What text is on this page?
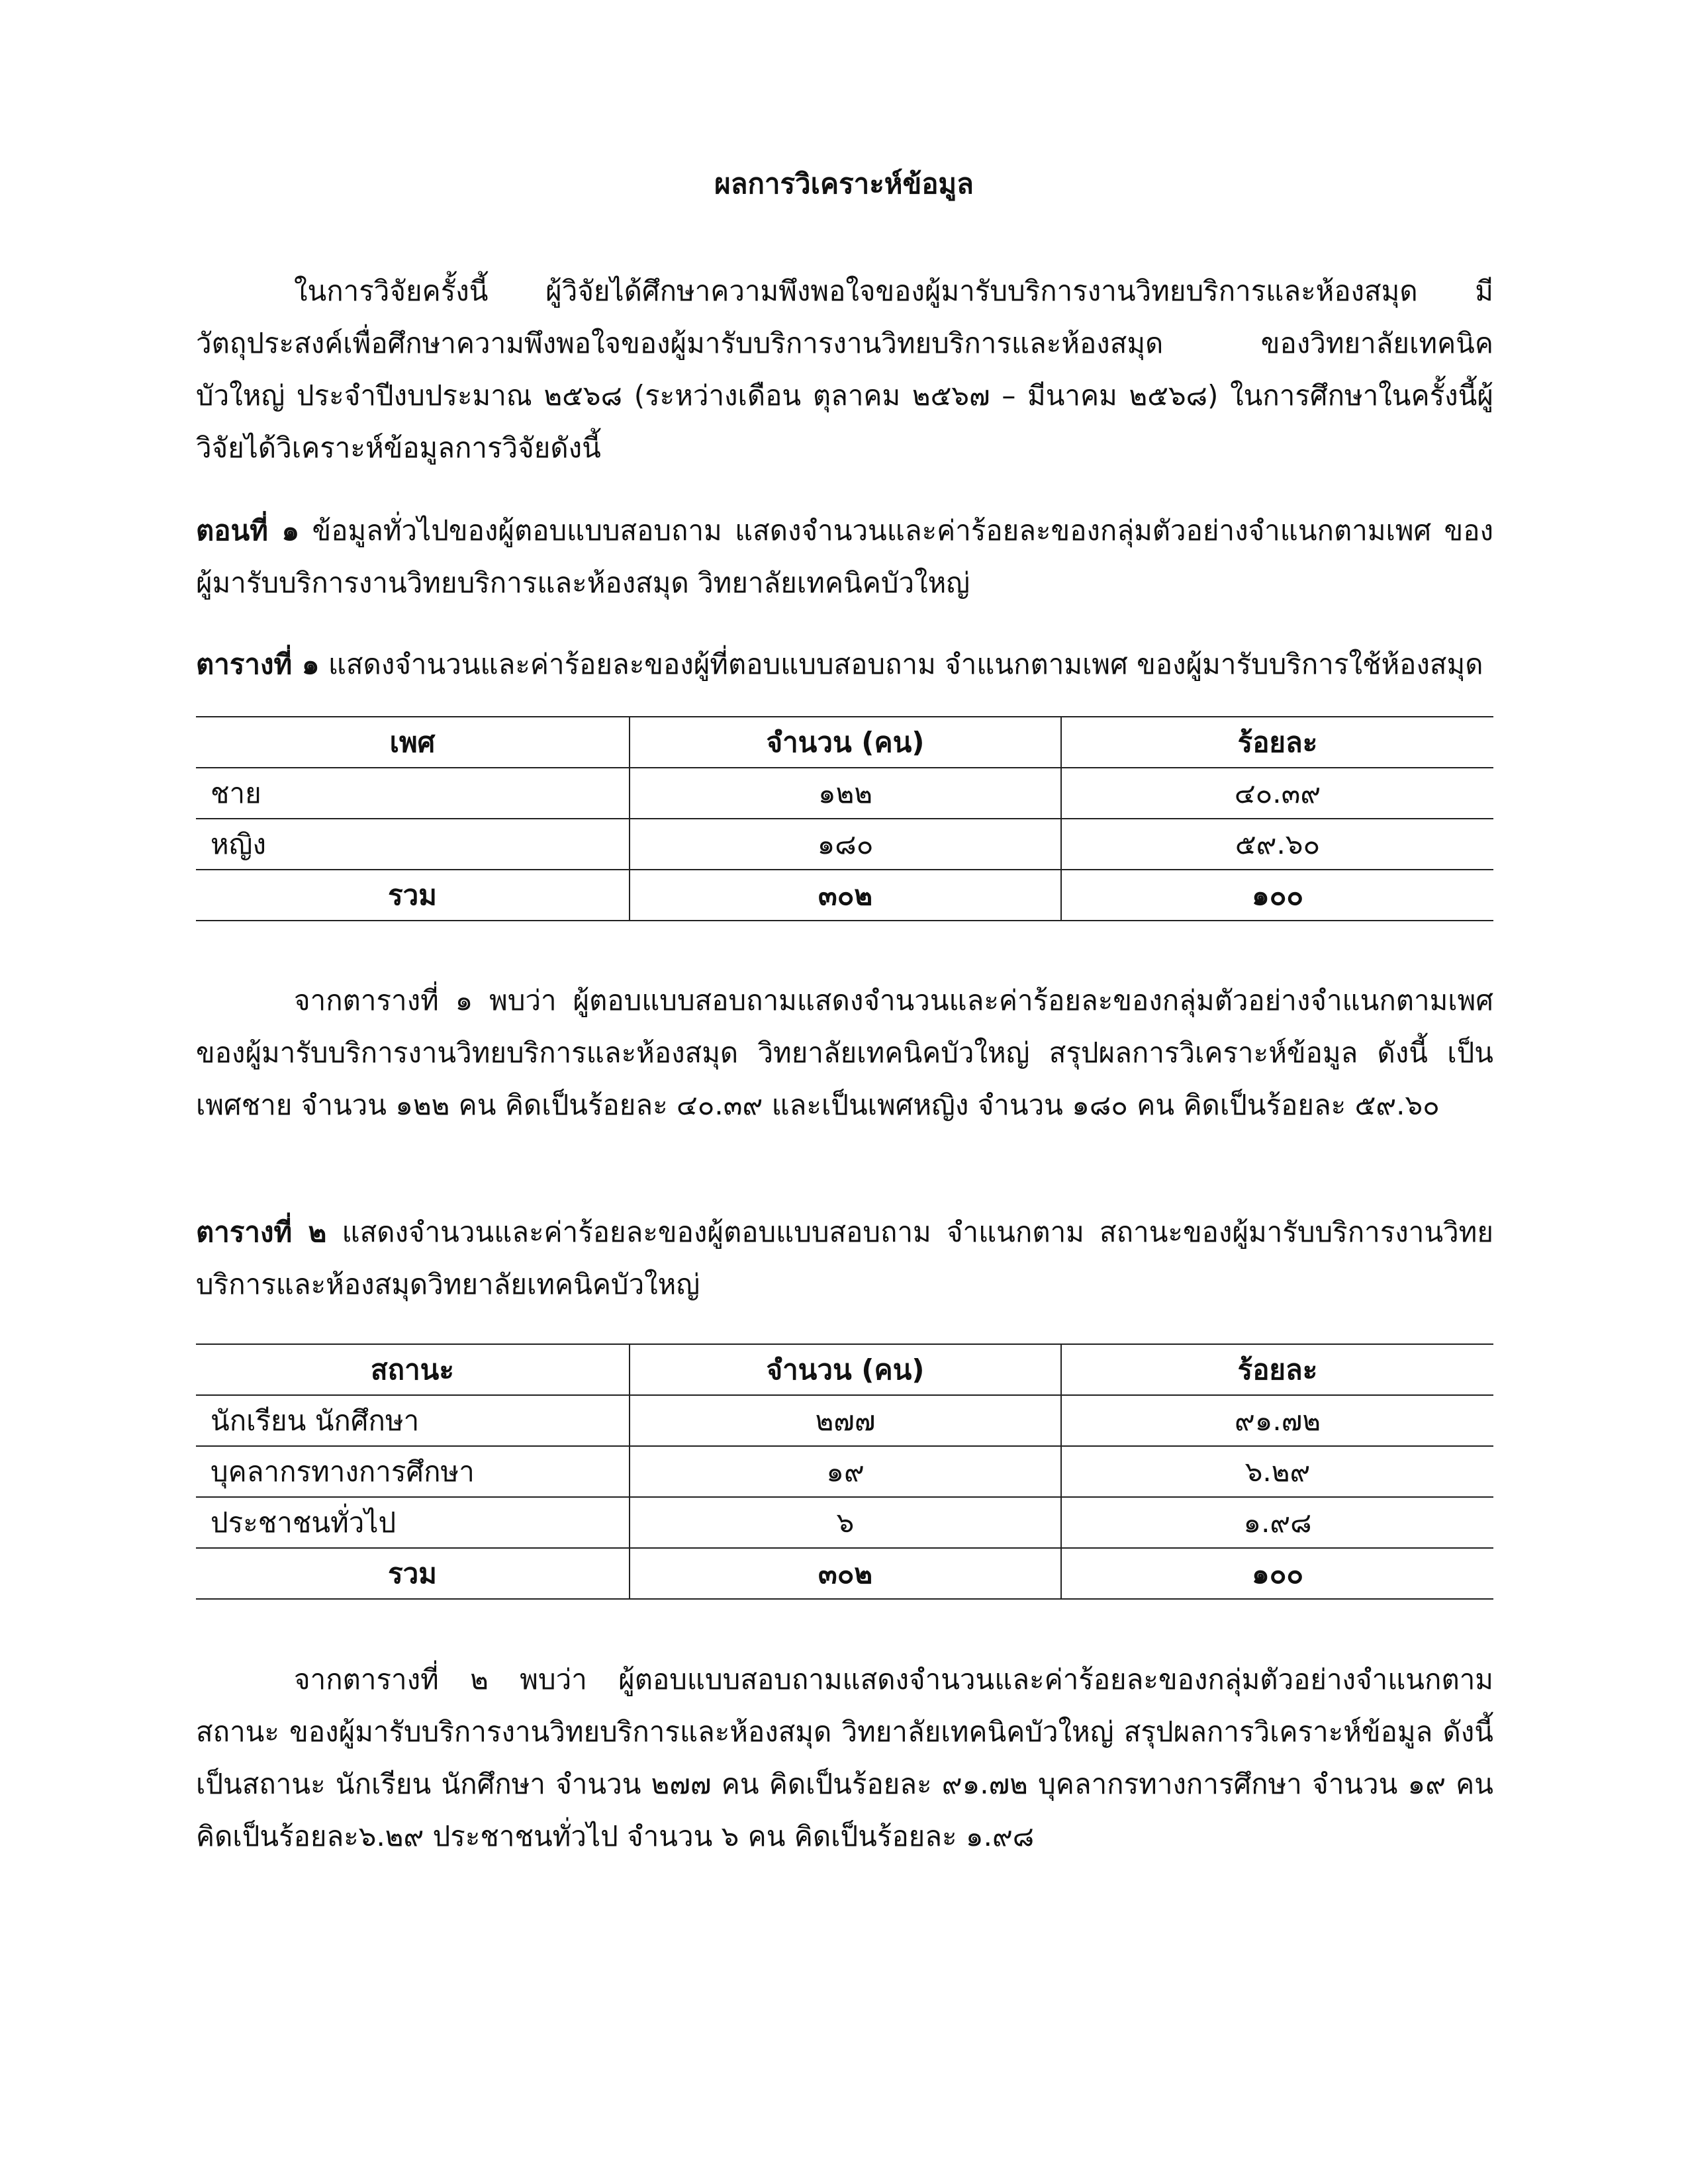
ผลการวิเคราะห์ข้อมูล

ในการวิจัยครั้งนี้ ผู้วิจัยได้ศึกษาความพึงพอใจของผู้มารับบริการงานวิทยบริการและห้องสมุด มีวัตถุประสงค์เพื่อศึกษาความพึงพอใจของผู้มารับบริการงานวิทยบริการและห้องสมุด ของวิทยาลัยเทคนิคบัวใหญ่ ประจำปีงบประมาณ ๒๕๖๘ (ระหว่างเดือน ตุลาคม ๒๕๖๗ – มีนาคม ๒๕๖๘) ในการศึกษาในครั้งนี้ผู้วิจัยได้วิเคราะห์ข้อมูลการวิจัยดังนี้

ตอนที่ ๑ ข้อมูลทั่วไปของผู้ตอบแบบสอบถาม แสดงจำนวนและค่าร้อยละของกลุ่มตัวอย่างจำแนกตามเพศ ของผู้มารับบริการงานวิทยบริการและห้องสมุด วิทยาลัยเทคนิคบัวใหญ่

ตารางที่ ๑ แสดงจำนวนและค่าร้อยละของผู้ที่ตอบแบบสอบถาม จำแนกตามเพศ ของผู้มารับบริการใช้ห้องสมุด

เพศ	จำนวน (คน)	ร้อยละ
ชาย	๑๒๒	๔๐.๓๙
หญิง	๑๘๐	๕๙.๖๐
รวม	๓๐๒	๑๐๐

จากตารางที่ ๑ พบว่า ผู้ตอบแบบสอบถามแสดงจำนวนและค่าร้อยละของกลุ่มตัวอย่างจำแนกตามเพศ ของผู้มารับบริการงานวิทยบริการและห้องสมุด วิทยาลัยเทคนิคบัวใหญ่ สรุปผลการวิเคราะห์ข้อมูล ดังนี้ เป็นเพศชาย จำนวน ๑๒๒ คน คิดเป็นร้อยละ ๔๐.๓๙ และเป็นเพศหญิง จำนวน ๑๘๐ คน คิดเป็นร้อยละ ๕๙.๖๐

ตารางที่ ๒ แสดงจำนวนและค่าร้อยละของผู้ตอบแบบสอบถาม จำแนกตาม สถานะของผู้มารับบริการงานวิทยบริการและห้องสมุดวิทยาลัยเทคนิคบัวใหญ่

สถานะ	จำนวน (คน)	ร้อยละ
นักเรียน นักศึกษา	๒๗๗	๙๑.๗๒
บุคลากรทางการศึกษา	๑๙	๖.๒๙
ประชาชนทั่วไป	๖	๑.๙๘
รวม	๓๐๒	๑๐๐

จากตารางที่ ๒ พบว่า ผู้ตอบแบบสอบถามแสดงจำนวนและค่าร้อยละของกลุ่มตัวอย่างจำแนกตามสถานะ ของผู้มารับบริการงานวิทยบริการและห้องสมุด วิทยาลัยเทคนิคบัวใหญ่ สรุปผลการวิเคราะห์ข้อมูล ดังนี้ เป็นสถานะ นักเรียน นักศึกษา จำนวน ๒๗๗ คน คิดเป็นร้อยละ ๙๑.๗๒ บุคลากรทางการศึกษา จำนวน ๑๙ คน คิดเป็นร้อยละ๖.๒๙ ประชาชนทั่วไป จำนวน ๖ คน คิดเป็นร้อยละ ๑.๙๘
